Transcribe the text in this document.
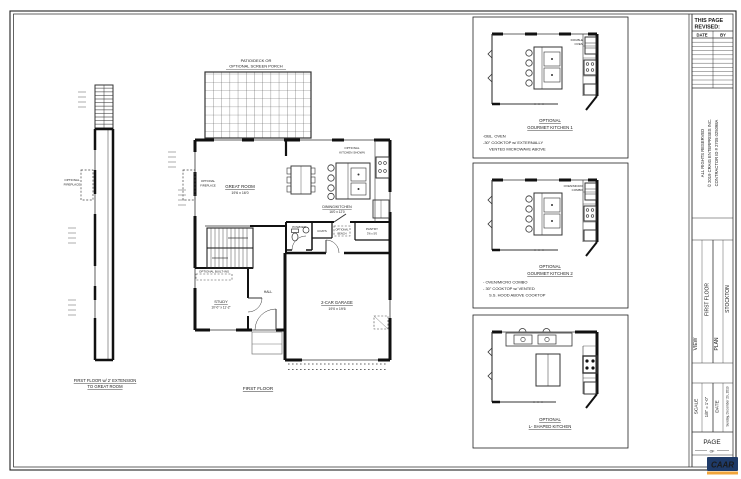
OPTIONAL
FIREPLACE
FIRST FLOOR w/ 2' EXTENSION
TO GREAT ROOM
PATIO/DECK OR
OPTIONAL SCREEN PORCH
OPTIONAL BUILT-INS
POWDER
COATS	OPTIONAL
BENCH
PANTRY
3'6 x 5'0
HALL
GREAT ROOM
19'6 x 16'0
OPTIONAL
FIREPLACE
OPTIONAL
KITCHEN SHOWN
DINING/KITCHEN
16'0 x 12'0
STUDY
10'-0" x 11'-2"
2-CAR GARAGE
19'0 x 19'6
FIRST FLOOR
DOUBLE
OVEN
OPTIONAL
GOURMET KITCHEN 1
-DBL. OVEN
-30" COOKTOP w/ EXTERNALLY
VENTED MICROWAVE ABOVE
OVEN/MICRO
COMBO
OPTIONAL
GOURMET KITCHEN 2
- OVEN/MICRO COMBO
- 30" COOKTOP w/ VENTED
S.S. HOOD ABOVE COOKTOP
OPTIONAL
L- SHAPED KITCHEN
THIS PAGE
REVISED:
DATE	BY
ALL RIGHTS RESERVED © 2019 CRAIG ENTERPRISES INC. CONTRACTOR ID # 2705 025098A
VIEW
FIRST FLOOR
PLAN
STOCKTON
SCALE 1/8" = 1'-0" DATE Sunday, December 29, 2019
PAGE
OF
CAAR
